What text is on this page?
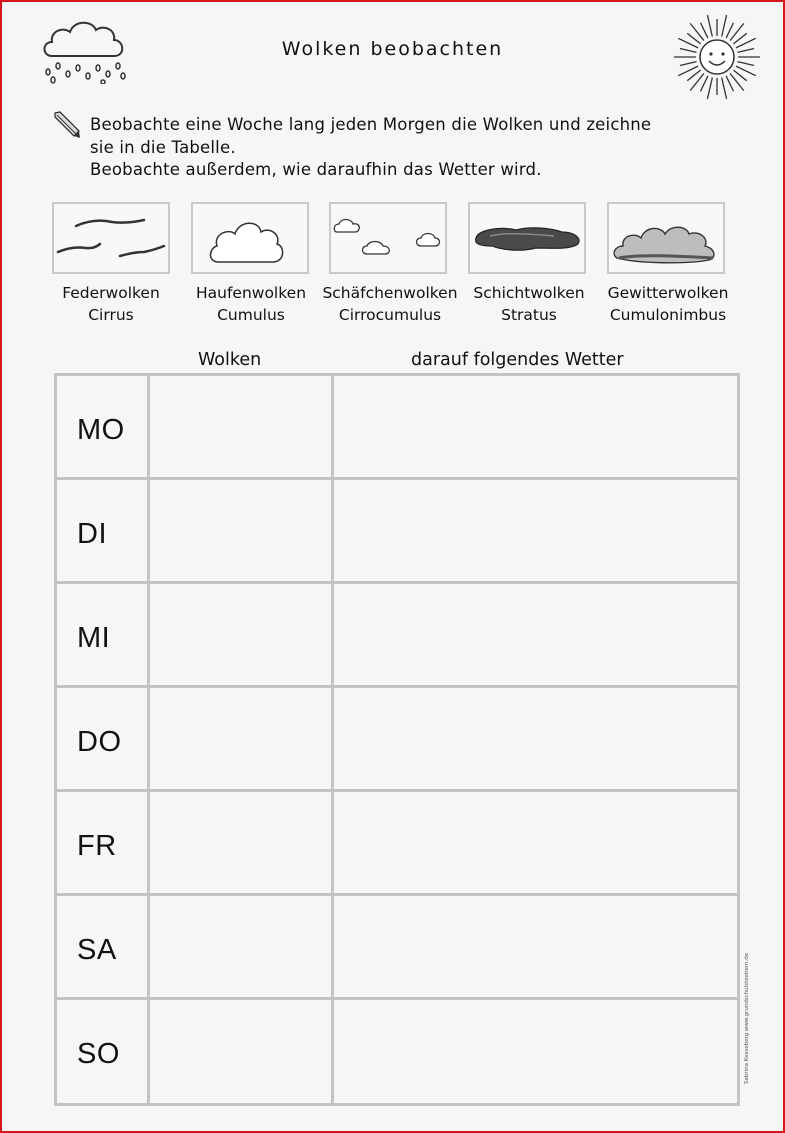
Wolken beobachten
Beobachte eine Woche lang jeden Morgen die Wolken und zeichne
sie in die Tabelle.
Beobachte außerdem, wie daraufhin das Wetter wird.
Federwolken
Cirrus
Haufenwolken
Cumulus
Schäfchenwolken
Cirrocumulus
Schichtwolken
Stratus
Gewitterwolken
Cumulonimbus
Wolken	darauf folgendes Wetter
MO
DI
MI
DO
FR
SA
SO	Sabrina Kesseberg www.grundschulstoebern.de
